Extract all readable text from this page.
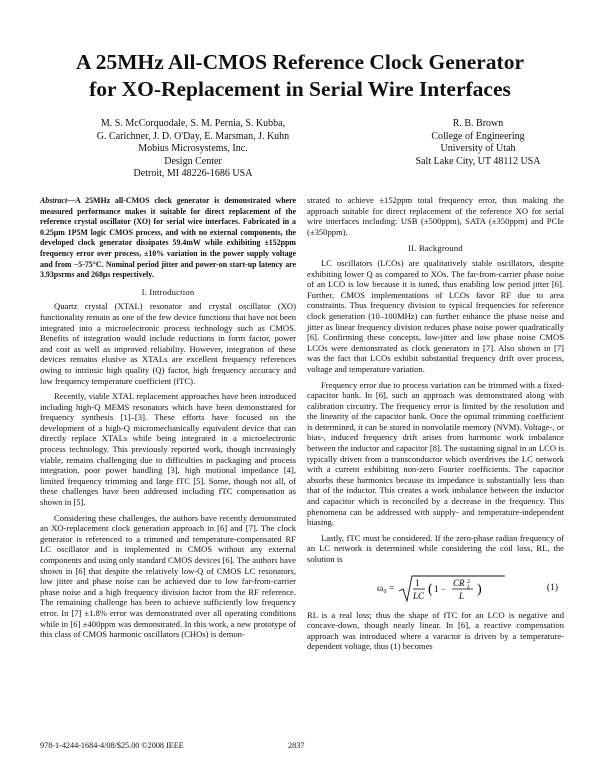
A 25MHz All-CMOS Reference Clock Generator
for XO-Replacement in Serial Wire Interfaces
M. S. McCorquodale, S. M. Pernia, S. Kubba,
G. Carichner, J. D. O'Day, E. Marsman, J. Kuhn
Mobius Microsystems, Inc.
Design Center
Detroit, MI 48226-1686 USA
R. B. Brown
College of Engineering
University of Utah
Salt Lake City, UT 48112 USA

Abstract—A 25MHz all-CMOS clock generator is demonstrated where measured performance makes it suitable for direct replacement of the reference crystal oscillator (XO) for serial wire interfaces. Fabricated in a 0.25μm 1P5M logic CMOS process, and with no external components, the developed clock generator dissipates 59.4mW while exhibiting ±152ppm frequency error over process, ±10% variation in the power supply voltage and from −5-75°C. Nominal period jitter and power-on start-up latency are 3.93psrms and 268μs respectively.

I. Introduction

Quartz crystal (XTAL) resonator and crystal oscillator (XO) functionality remain as one of the few device functions that have not been integrated into a microelectronic process technology such as CMOS. Benefits of integration would include reductions in form factor, power and cost as well as improved reliability. However, integration of these devices remains elusive as XTALs are excellent frequency references owing to intrinsic high quality (Q) factor, high frequency accuracy and low frequency temperature coefficient (fTC).

Recently, viable XTAL replacement approaches have been introduced including high-Q MEMS resonators which have been demonstrated for frequency synthesis [1]–[3]. These efforts have focused on the development of a high-Q micromechanically equivalent device that can directly replace XTALs while being integrated in a microelectronic process technology. This previously reported work, though increasingly viable, remains challenging due to difficulties in packaging and process integration, poor power handling [3], high motional impedance [4], limited frequency trimming and large fTC [5]. Some, though not all, of these challenges have been addressed including fTC compensation as shown in [5].

Considering these challenges, the authors have recently demonstrated an XO-replacement clock generation approach in [6] and [7]. The clock generator is referenced to a trimmed and temperature-compensated RF LC oscillator and is implemented in CMOS without any external components and using only standard CMOS devices [6]. The authors have shown in [6] that despite the relatively low-Q of CMOS LC resonators, low jitter and phase noise can be achieved due to low far-from-carrier phase noise and a high frequency division factor from the RF reference. The remaining challenge has been to achieve sufficiently low frequency error. In [7] ±1.8% error was demonstrated over all operating conditions while in [6] ±400ppm was demonstrated. In this work, a new prototype of this class of CMOS harmonic oscillators (CHOs) is demon-

strated to achieve ±152ppm total frequency error, thus making the approach suitable for direct replacement of the reference XO for serial wire interfaces including: USB (±500ppm), SATA (±350ppm) and PCIe (±350ppm).

II. Background

LC oscillators (LCOs) are qualitatively stable oscillators, despite exhibiting lower Q as compared to XOs. The far-from-carrier phase noise of an LCO is low because it is tuned, thus enabling low period jitter [6]. Further, CMOS implementations of LCOs favor RF due to area constraints. Thus frequency division to typical frequencies for reference clock generation (10–100MHz) can further enhance the phase noise and jitter as linear frequency division reduces phase noise power quadratically [6]. Confirming these concepts, low-jitter and low phase noise CMOS LCOs were demonstrated as clock generators in [7]. Also shown in [7] was the fact that LCOs exhibit substantial frequency drift over process, voltage and temperature variation.

Frequency error due to process variation can be trimmed with a fixed-capacitor bank. In [6], such an approach was demonstrated along with calibration circuitry. The frequency error is limited by the resolution and the linearity of the capacitor bank. Once the optimal trimming coefficient is determined, it can be stored in nonvolatile memory (NVM). Voltage-, or bias-, induced frequency drift arises from harmonic work imbalance between the inductor and capacitor [8]. The sustaining signal in an LCO is typically driven from a transconductor which overdrives the LC network with a current exhibiting non-zero Fourier coefficients. The capacitor absorbs these harmonics because its impedance is substantially less than that of the inductor. This creates a work imbalance between the inductor and capacitor which is reconciled by a decrease in the frequency. This phenomena can be addressed with supply- and temperature-independent biasing.

Lastly, fTC must be considered. If the zero-phase radian frequency of an LC network is determined while considering the coil loss, RL, the solution is

ω₀ =
1
LC ( 1 −
CR 2
L
L )	(1)

RL is a real loss; thus the shape of fTC for an LCO is negative and concave-down, though nearly linear. In [6], a reactive compensation approach was introduced where a varactor is driven by a temperature-dependent voltage, thus (1) becomes

978-1-4244-1684-4/08/$25.00 ©2008 IEEE	2837
